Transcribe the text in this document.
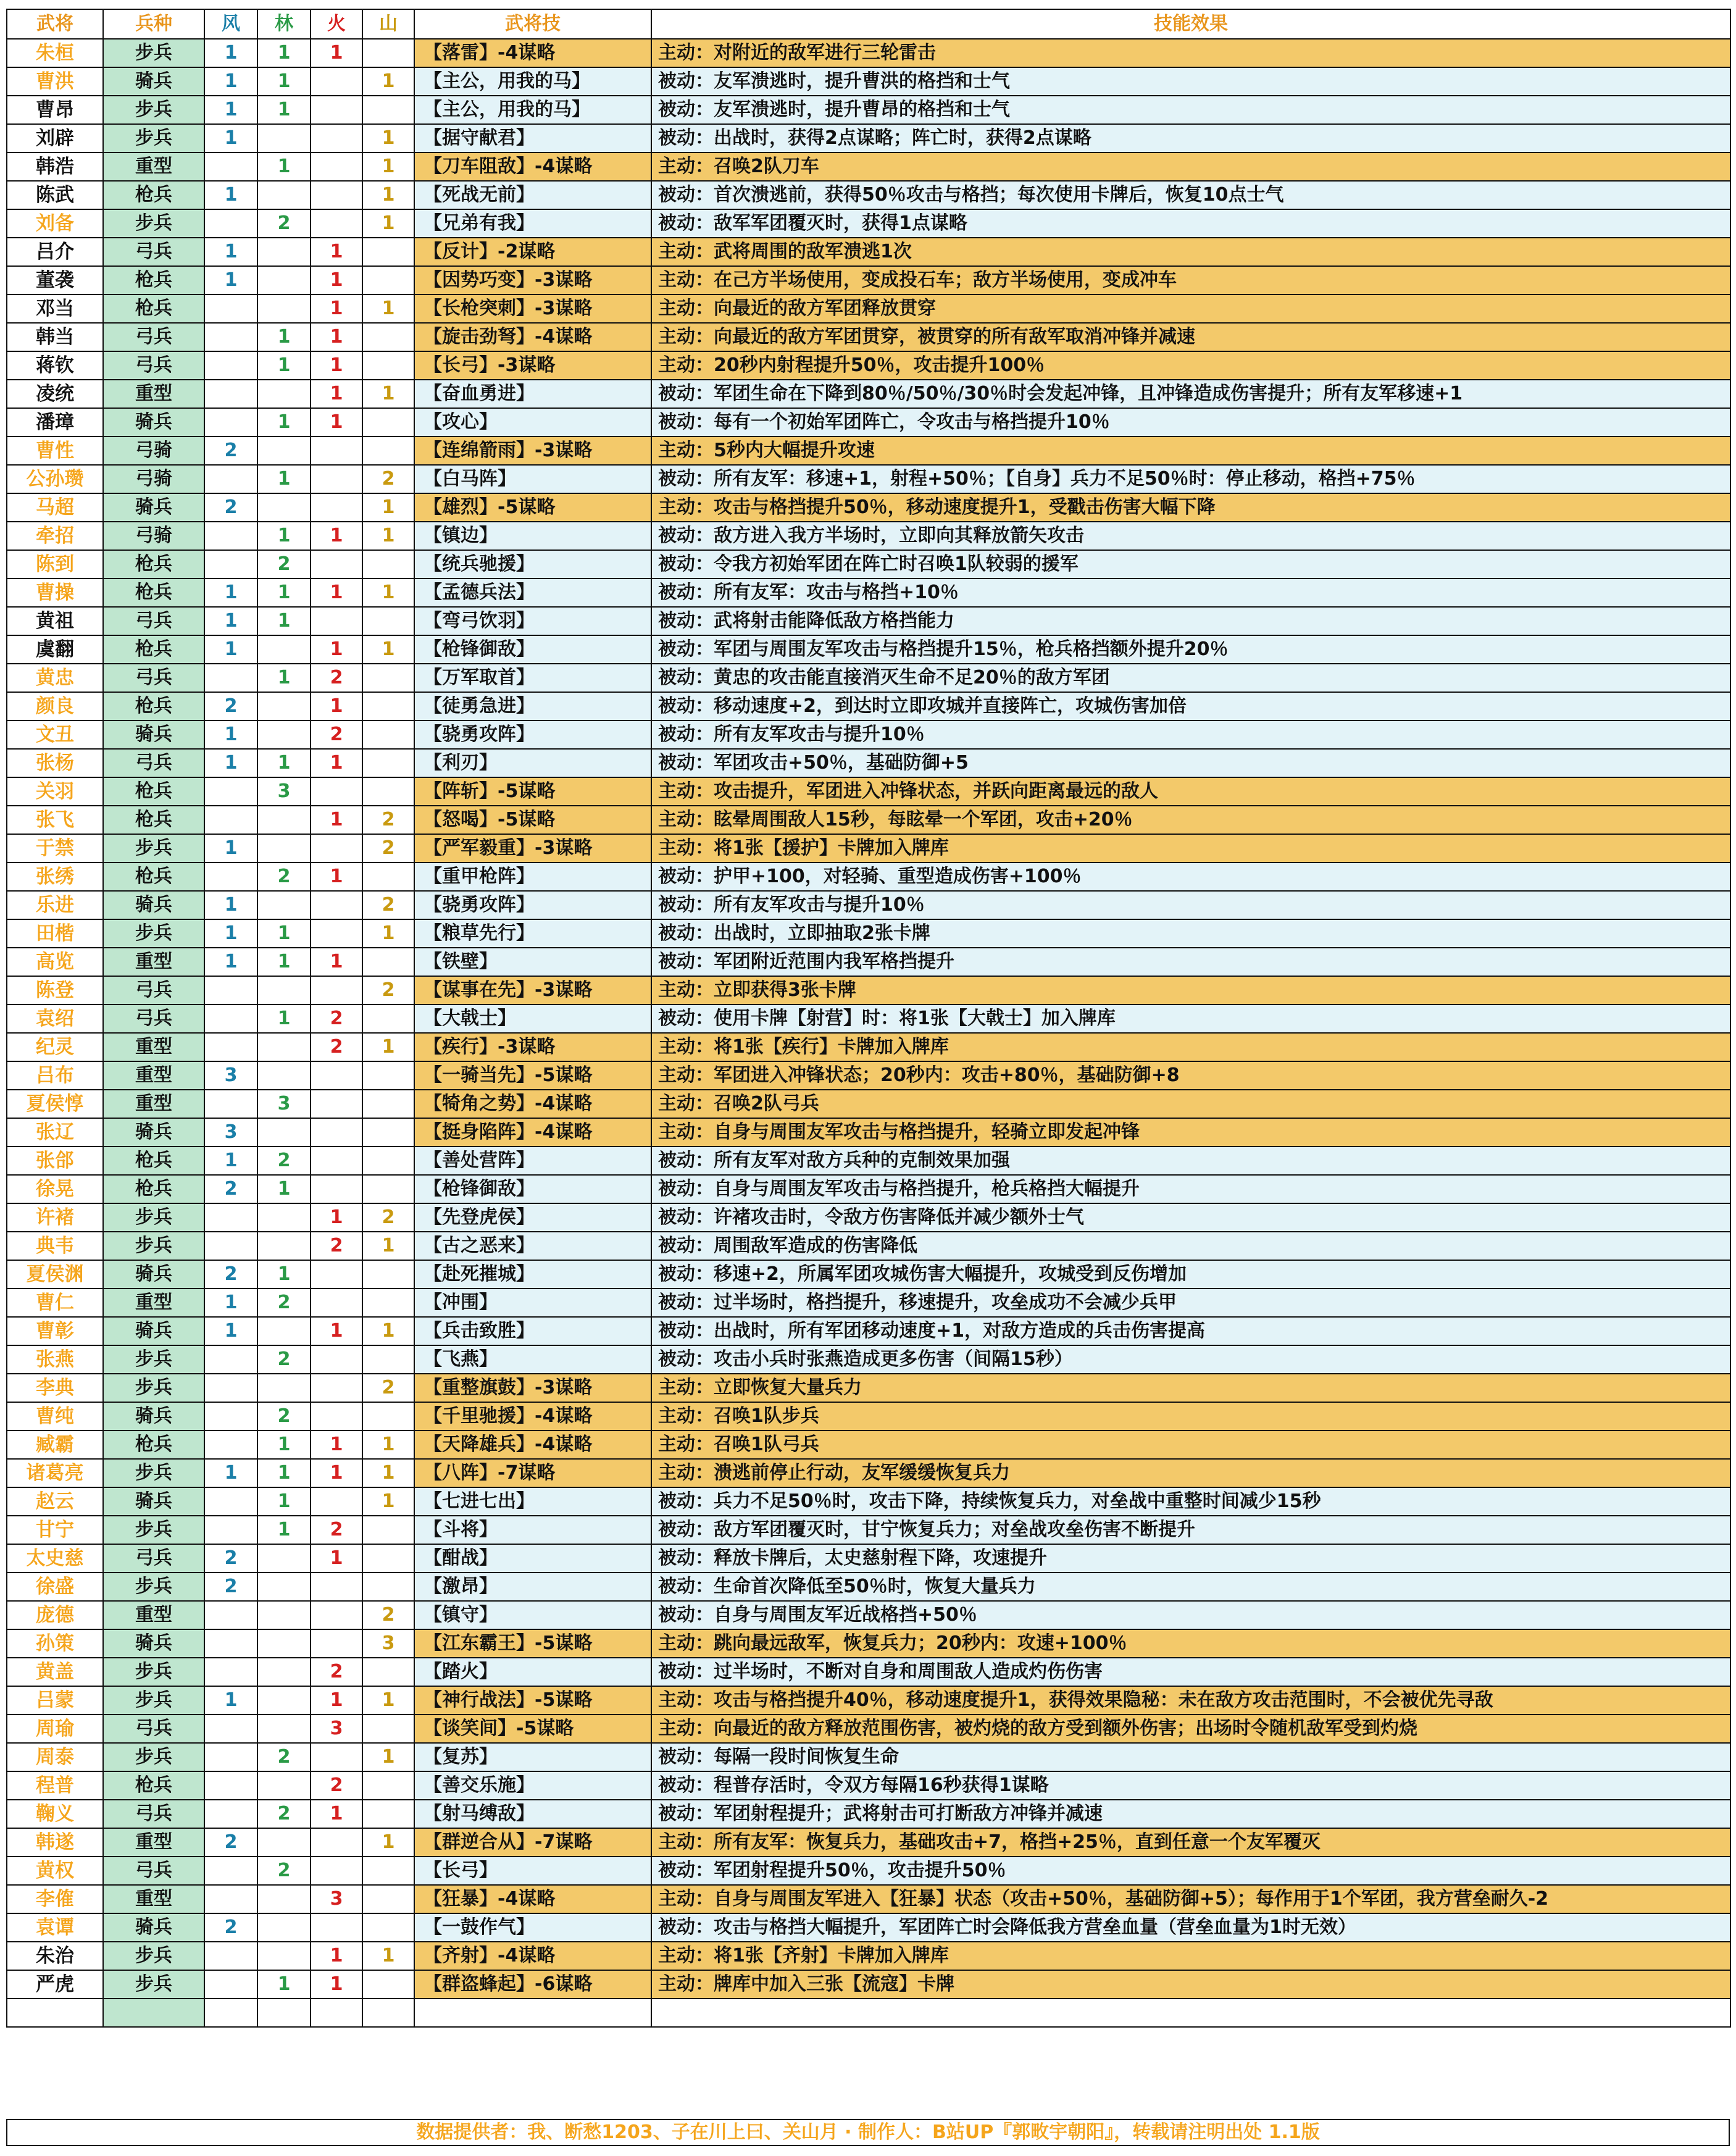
武将	兵种	风	林	火	山	武将技	技能效果
朱桓	步兵	1	1	1		【落雷】-4谋略	主动：对附近的敌军进行三轮雷击
曹洪	骑兵	1	1		1	【主公，用我的马】	被动：友军溃逃时，提升曹洪的格挡和士气
曹昂	步兵	1	1			【主公，用我的马】	被动：友军溃逃时，提升曹昂的格挡和士气
刘辟	步兵	1			1	【据守献君】	被动：出战时，获得2点谋略；阵亡时，获得2点谋略
韩浩	重型		1		1	【刀车阻敌】-4谋略	主动：召唤2队刀车
陈武	枪兵	1			1	【死战无前】	被动：首次溃逃前，获得50％攻击与格挡；每次使用卡牌后，恢复10点士气
刘备	步兵		2		1	【兄弟有我】	被动：敌军军团覆灭时，获得1点谋略
吕介	弓兵	1		1		【反计】-2谋略	主动：武将周围的敌军溃逃1次
董袭	枪兵	1		1		【因势巧变】-3谋略	主动：在己方半场使用，变成投石车；敌方半场使用，变成冲车
邓当	枪兵			1	1	【长枪突刺】-3谋略	主动：向最近的敌方军团释放贯穿
韩当	弓兵		1	1		【旋击劲弩】-4谋略	主动：向最近的敌方军团贯穿，被贯穿的所有敌军取消冲锋并减速
蒋钦	弓兵		1	1		【长弓】-3谋略	主动：20秒内射程提升50％，攻击提升100％
凌统	重型			1	1	【奋血勇进】	被动：军团生命在下降到80％/50％/30％时会发起冲锋，且冲锋造成伤害提升；所有友军移速+1
潘璋	骑兵		1	1		【攻心】	被动：每有一个初始军团阵亡，令攻击与格挡提升10％
曹性	弓骑	2				【连绵箭雨】-3谋略	主动：5秒内大幅提升攻速
公孙瓒	弓骑		1		2	【白马阵】	被动：所有友军：移速+1，射程+50％；【自身】兵力不足50％时：停止移动，格挡+75％
马超	骑兵	2			1	【雄烈】-5谋略	主动：攻击与格挡提升50％，移动速度提升1，受戳击伤害大幅下降
牵招	弓骑		1	1	1	【镇边】	被动：敌方进入我方半场时，立即向其释放箭矢攻击
陈到	枪兵		2			【统兵驰援】	被动：令我方初始军团在阵亡时召唤1队较弱的援军
曹操	枪兵	1	1	1	1	【孟德兵法】	被动：所有友军：攻击与格挡+10％
黄祖	弓兵	1	1			【弯弓饮羽】	被动：武将射击能降低敌方格挡能力
虞翻	枪兵	1		1	1	【枪锋御敌】	被动：军团与周围友军攻击与格挡提升15％，枪兵格挡额外提升20％
黄忠	弓兵		1	2		【万军取首】	被动：黄忠的攻击能直接消灭生命不足20％的敌方军团
颜良	枪兵	2		1		【徒勇急进】	被动：移动速度+2，到达时立即攻城并直接阵亡，攻城伤害加倍
文丑	骑兵	1		2		【骁勇攻阵】	被动：所有友军攻击与提升10％
张杨	弓兵	1	1	1		【利刃】	被动：军团攻击+50％，基础防御+5
关羽	枪兵		3			【阵斩】-5谋略	主动：攻击提升，军团进入冲锋状态，并跃向距离最远的敌人
张飞	枪兵			1	2	【怒喝】-5谋略	主动：眩晕周围敌人15秒，每眩晕一个军团，攻击+20％
于禁	步兵	1			2	【严军毅重】-3谋略	主动：将1张【援护】卡牌加入牌库
张绣	枪兵		2	1		【重甲枪阵】	被动：护甲+100，对轻骑、重型造成伤害+100％
乐进	骑兵	1			2	【骁勇攻阵】	被动：所有友军攻击与提升10％
田楷	步兵	1	1		1	【粮草先行】	被动：出战时，立即抽取2张卡牌
高览	重型	1	1	1		【铁壁】	被动：军团附近范围内我军格挡提升
陈登	弓兵				2	【谋事在先】-3谋略	主动：立即获得3张卡牌
袁绍	弓兵		1	2		【大戟士】	被动：使用卡牌【射营】时：将1张【大戟士】加入牌库
纪灵	重型			2	1	【疾行】-3谋略	主动：将1张【疾行】卡牌加入牌库
吕布	重型	3				【一骑当先】-5谋略	主动：军团进入冲锋状态；20秒内：攻击+80％，基础防御+8
夏侯惇	重型		3			【犄角之势】-4谋略	主动：召唤2队弓兵
张辽	骑兵	3				【挺身陷阵】-4谋略	主动：自身与周围友军攻击与格挡提升，轻骑立即发起冲锋
张郃	枪兵	1	2			【善处营阵】	被动：所有友军对敌方兵种的克制效果加强
徐晃	枪兵	2	1			【枪锋御敌】	被动：自身与周围友军攻击与格挡提升，枪兵格挡大幅提升
许褚	步兵			1	2	【先登虎侯】	被动：许褚攻击时，令敌方伤害降低并减少额外士气
典韦	步兵			2	1	【古之恶来】	被动：周围敌军造成的伤害降低
夏侯渊	骑兵	2	1			【赴死摧城】	被动：移速+2，所属军团攻城伤害大幅提升，攻城受到反伤增加
曹仁	重型	1	2			【冲围】	被动：过半场时，格挡提升，移速提升，攻垒成功不会减少兵甲
曹彰	骑兵	1		1	1	【兵击致胜】	被动：出战时，所有军团移动速度+1，对敌方造成的兵击伤害提高
张燕	步兵		2			【飞燕】	被动：攻击小兵时张燕造成更多伤害（间隔15秒）
李典	步兵				2	【重整旗鼓】-3谋略	主动：立即恢复大量兵力
曹纯	骑兵		2			【千里驰援】-4谋略	主动：召唤1队步兵
臧霸	枪兵		1	1	1	【天降雄兵】-4谋略	主动：召唤1队弓兵
诸葛亮	步兵	1	1	1	1	【八阵】-7谋略	主动：溃逃前停止行动，友军缓缓恢复兵力
赵云	骑兵		1		1	【七进七出】	被动：兵力不足50％时，攻击下降，持续恢复兵力，对垒战中重整时间减少15秒
甘宁	步兵		1	2		【斗将】	被动：敌方军团覆灭时，甘宁恢复兵力；对垒战攻垒伤害不断提升
太史慈	弓兵	2		1		【酣战】	被动：释放卡牌后，太史慈射程下降，攻速提升
徐盛	步兵	2				【激昂】	被动：生命首次降低至50％时，恢复大量兵力
庞德	重型				2	【镇守】	被动：自身与周围友军近战格挡+50％
孙策	骑兵				3	【江东霸王】-5谋略	主动：跳向最远敌军，恢复兵力；20秒内：攻速+100％
黄盖	步兵			2		【踏火】	被动：过半场时，不断对自身和周围敌人造成灼伤伤害
吕蒙	步兵	1		1	1	【神行战法】-5谋略	主动：攻击与格挡提升40％，移动速度提升1，获得效果隐秘：未在敌方攻击范围时，不会被优先寻敌
周瑜	弓兵			3		【谈笑间】-5谋略	主动：向最近的敌方释放范围伤害，被灼烧的敌方受到额外伤害；出场时令随机敌军受到灼烧
周泰	步兵		2		1	【复苏】	被动：每隔一段时间恢复生命
程普	枪兵			2		【善交乐施】	被动：程普存活时，令双方每隔16秒获得1谋略
鞠义	弓兵		2	1		【射马缚敌】	被动：军团射程提升；武将射击可打断敌方冲锋并减速
韩遂	重型	2			1	【群逆合从】-7谋略	主动：所有友军：恢复兵力，基础攻击+7，格挡+25％，直到任意一个友军覆灭
黄权	弓兵		2			【长弓】	被动：军团射程提升50％，攻击提升50％
李傕	重型			3		【狂暴】-4谋略	主动：自身与周围友军进入【狂暴】状态（攻击+50％，基础防御+5）；每作用于1个军团，我方营垒耐久-2
袁谭	骑兵	2				【一鼓作气】	被动：攻击与格挡大幅提升，军团阵亡时会降低我方营垒血量（营垒血量为1时无效）
朱治	步兵			1	1	【齐射】-4谋略	主动：将1张【齐射】卡牌加入牌库
严虎	步兵		1	1		【群盗蜂起】-6谋略	主动：牌库中加入三张【流寇】卡牌

数据提供者：我、断愁1203、子在川上曰、关山月 · 制作人：B站UP『郭畋宇朝阳』，转载请注明出处 1.1版
